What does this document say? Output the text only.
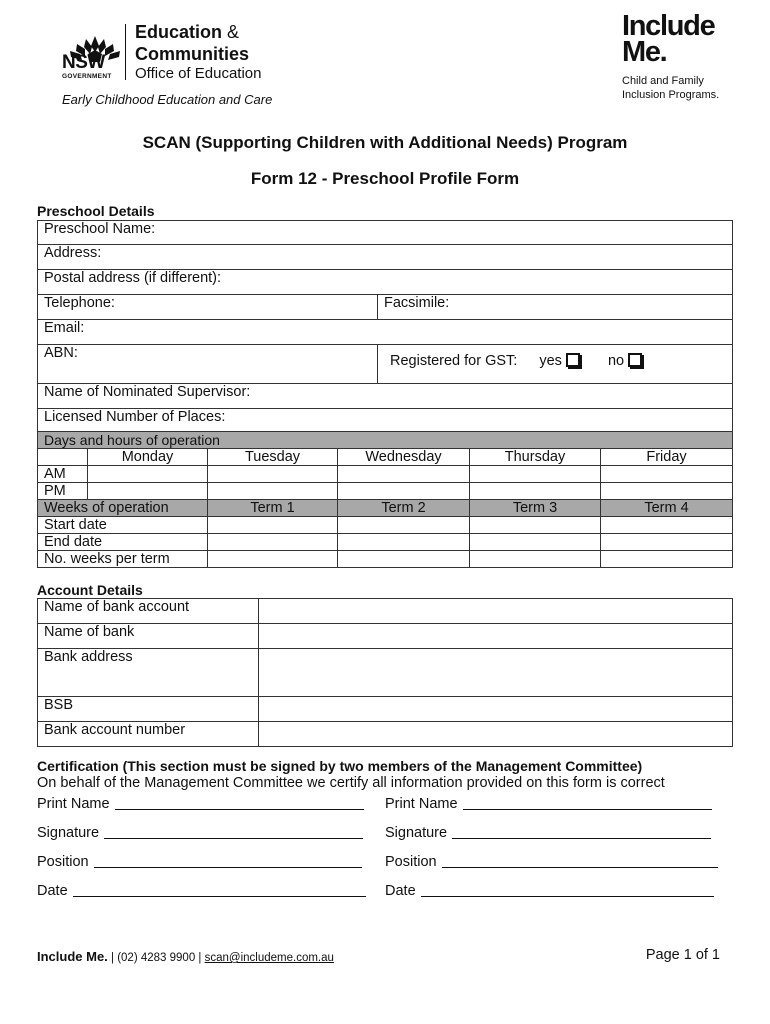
NSW
GOVERNMENT
Education &
Communities
Office of Education
Early Childhood Education and Care
Include
Me.
Child and Family
Inclusion Programs.
SCAN (Supporting Children with Additional Needs) Program
Form 12 - Preschool Profile Form
Preschool Details
Preschool Name:	
Address:	
Postal address (if different):	
Telephone:	Facsimile:
Email:	
ABN:	Registered for GST: yes no
Name of Nominated Supervisor:	
Licensed Number of Places:	
Days and hours of operation					
	Monday	Tuesday	Wednesday	Thursday	Friday
AM					
PM					
Weeks of operation		Term 1	Term 2	Term 3	Term 4
Start date					
End date					
No. weeks per term					
Account Details
Name of bank account	
Name of bank	
Bank address	
BSB	
Bank account number	
Certification (This section must be signed by two members of the Management Committee)
On behalf of the Management Committee we certify all information provided on this form is correct
Print Name	Print Name
Signature	Signature
Position	Position
Date	Date
Include Me. | (02) 4283 9900 | scan@includeme.com.au	Page 1 of 1
